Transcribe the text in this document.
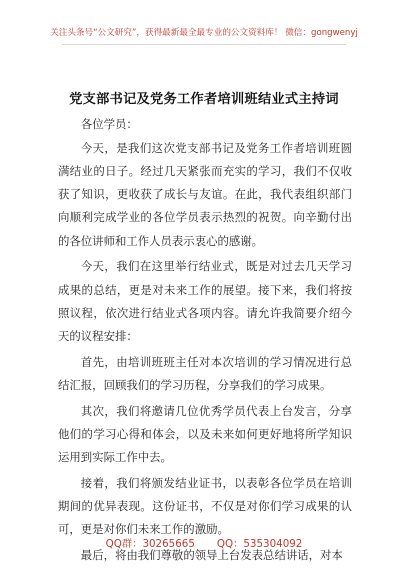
关注头条号“公文研究”，获得最新最全最专业的公文资料库！ 微信：gongwenyj
党支部书记及党务工作者培训班结业式主持词

各位学员：

今天，是我们这次党支部书记及党务工作者培训班圆满结业的日子。经过几天紧张而充实的学习，我们不仅收获了知识，更收获了成长与友谊。在此，我代表组织部门向顺利完成学业的各位学员表示热烈的祝贺。向辛勤付出的各位讲师和工作人员表示衷心的感谢。

今天，我们在这里举行结业式，既是对过去几天学习成果的总结，更是对未来工作的展望。接下来，我们将按照议程，依次进行结业式各项内容。请允许我简要介绍今天的议程安排：

首先，由培训班班主任对本次培训的学习情况进行总结汇报，回顾我们的学习历程，分享我们的学习成果。

其次，我们将邀请几位优秀学员代表上台发言，分享他们的学习心得和体会，以及未来如何更好地将所学知识运用到实际工作中去。

接着，我们将颁发结业证书，以表彰各位学员在培训期间的优异表现。这份证书，不仅是对你们学习成果的认可，更是对你们未来工作的激励。

最后，将由我们尊敬的领导上台发表总结讲话，对本

QQ群：30265665 QQ：535304092
